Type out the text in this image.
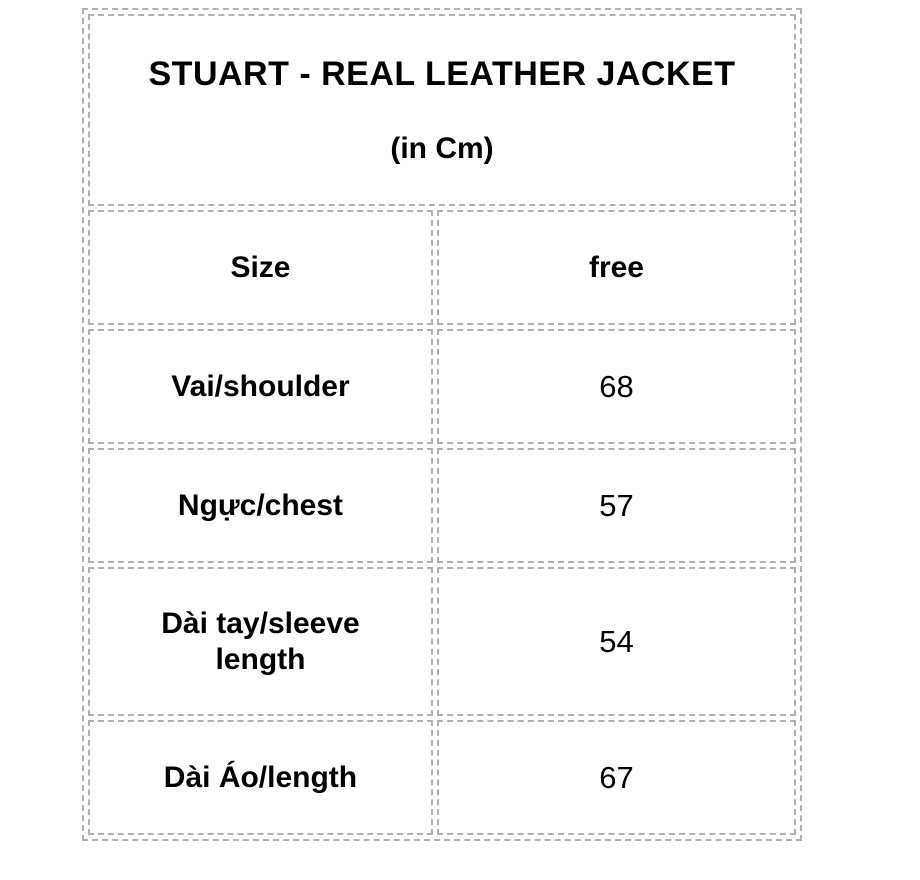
STUART - REAL LEATHER JACKET
(in Cm)	

Size	free
Vai/shoulder	68
Ngực/chest	57
Dài tay/sleeve length	54
Dài Áo/length	67
